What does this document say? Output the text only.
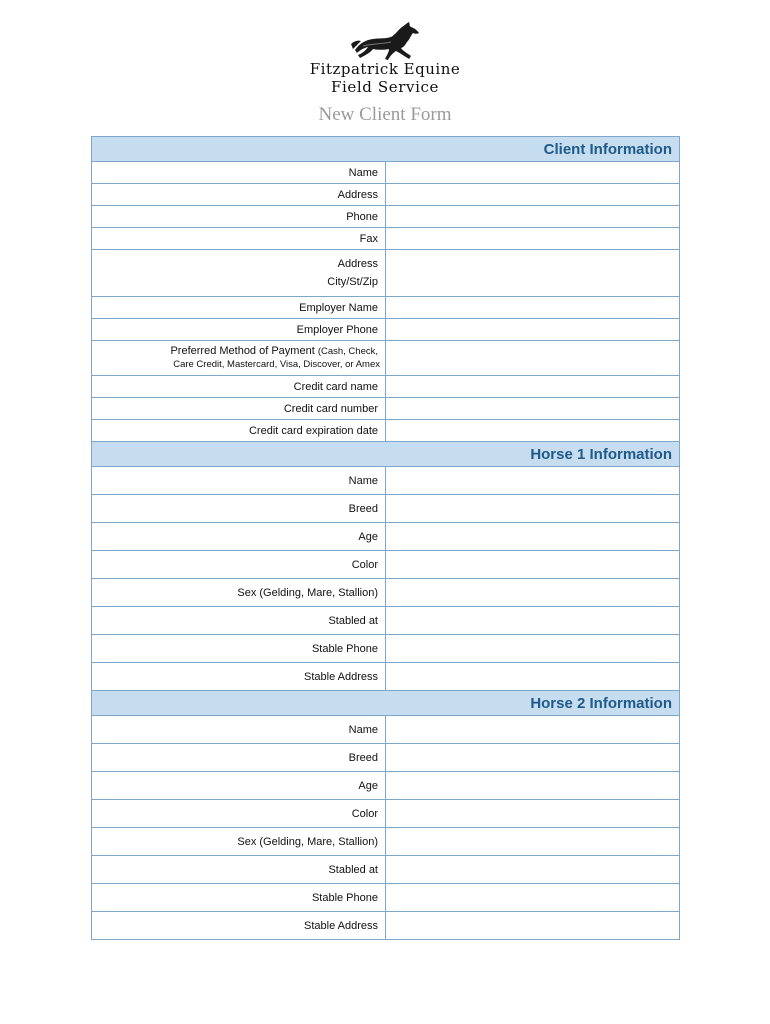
Fitzpatrick Equine
Field Service
New Client Form
Client Information	
Name	
Address	
Phone	
Fax	

Address
City/St/Zip	

Employer Name	
Employer Phone	

Preferred Method of Payment (Cash, Check,
Care Credit, Mastercard, Visa, Discover, or Amex	

Credit card name	
Credit card number	
Credit card expiration date	
Horse 1 Information	
Name	
Breed	
Age	
Color	
Sex (Gelding, Mare, Stallion)	
Stabled at	
Stable Phone	
Stable Address	
Horse 2 Information	
Name	
Breed	
Age	
Color	
Sex (Gelding, Mare, Stallion)	
Stabled at	
Stable Phone	
Stable Address	
